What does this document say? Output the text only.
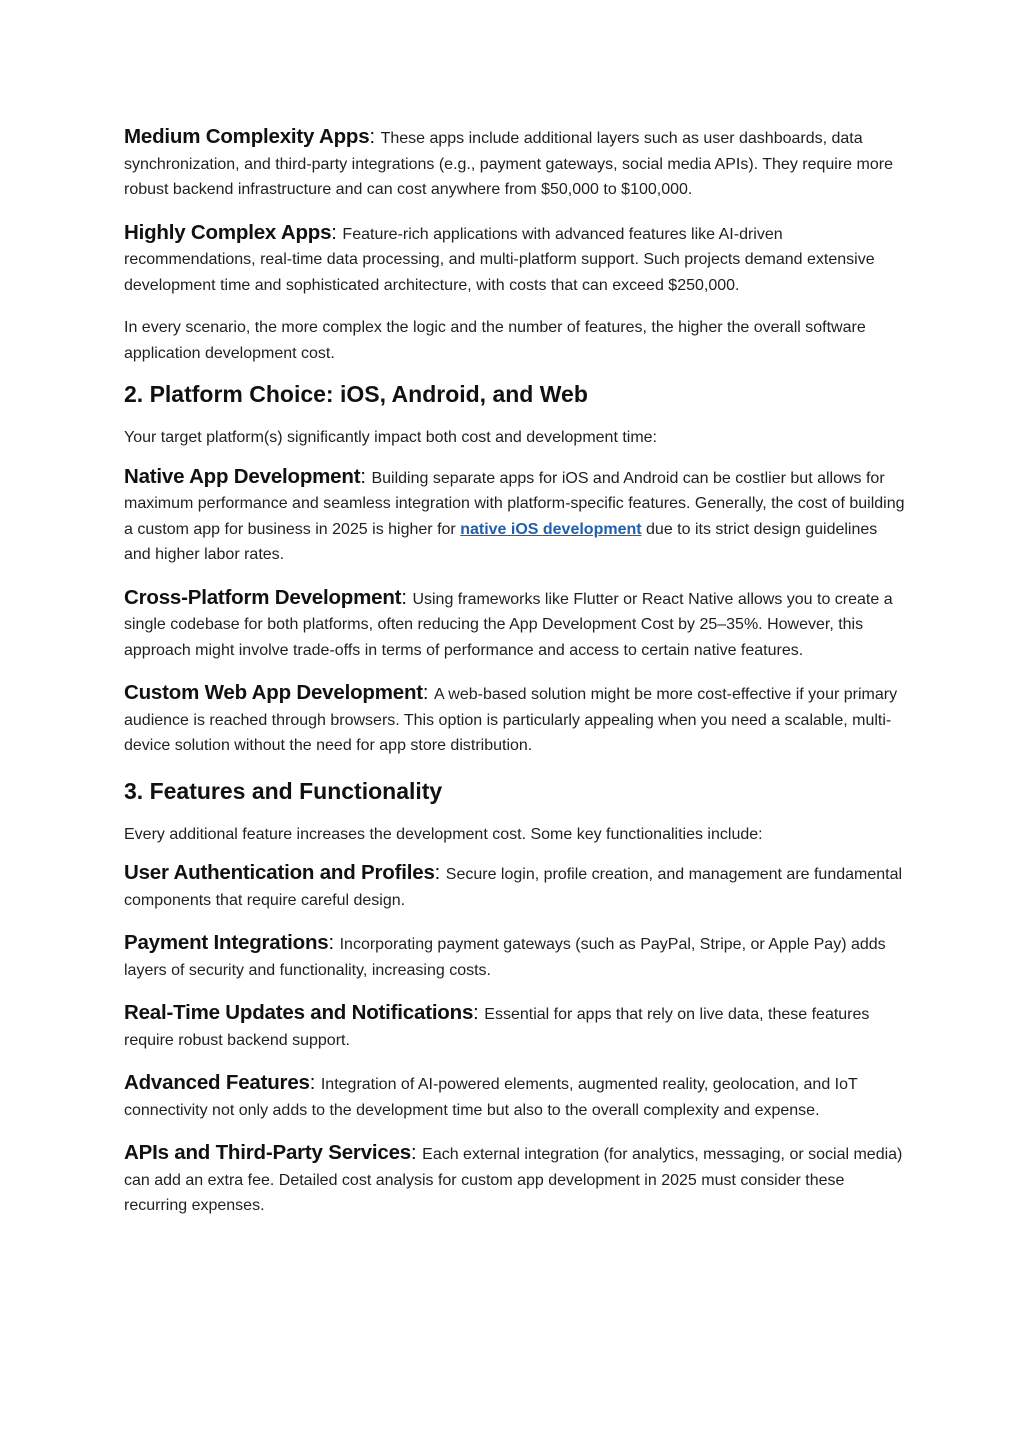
Medium Complexity Apps: These apps include additional layers such as user dashboards, data synchronization, and third-party integrations (e.g., payment gateways, social media APIs). They require more robust backend infrastructure and can cost anywhere from $50,000 to $100,000.
Highly Complex Apps: Feature-rich applications with advanced features like AI-driven recommendations, real-time data processing, and multi-platform support. Such projects demand extensive development time and sophisticated architecture, with costs that can exceed $250,000.

In every scenario, the more complex the logic and the number of features, the higher the overall software application development cost.

2. Platform Choice: iOS, Android, and Web

Your target platform(s) significantly impact both cost and development time:

Native App Development: Building separate apps for iOS and Android can be costlier but allows for maximum performance and seamless integration with platform-specific features. Generally, the cost of building a custom app for business in 2025 is higher for native iOS development due to its strict design guidelines and higher labor rates.
Cross-Platform Development: Using frameworks like Flutter or React Native allows you to create a single codebase for both platforms, often reducing the App Development Cost by 25–35%. However, this approach might involve trade-offs in terms of performance and access to certain native features.
Custom Web App Development: A web-based solution might be more cost-effective if your primary audience is reached through browsers. This option is particularly appealing when you need a scalable, multi-device solution without the need for app store distribution.
3. Features and Functionality

Every additional feature increases the development cost. Some key functionalities include:

User Authentication and Profiles: Secure login, profile creation, and management are fundamental components that require careful design.
Payment Integrations: Incorporating payment gateways (such as PayPal, Stripe, or Apple Pay) adds layers of security and functionality, increasing costs.
Real-Time Updates and Notifications: Essential for apps that rely on live data, these features require robust backend support.
Advanced Features: Integration of AI-powered elements, augmented reality, geolocation, and IoT connectivity not only adds to the development time but also to the overall complexity and expense.
APIs and Third-Party Services: Each external integration (for analytics, messaging, or social media) can add an extra fee. Detailed cost analysis for custom app development in 2025 must consider these recurring expenses.
